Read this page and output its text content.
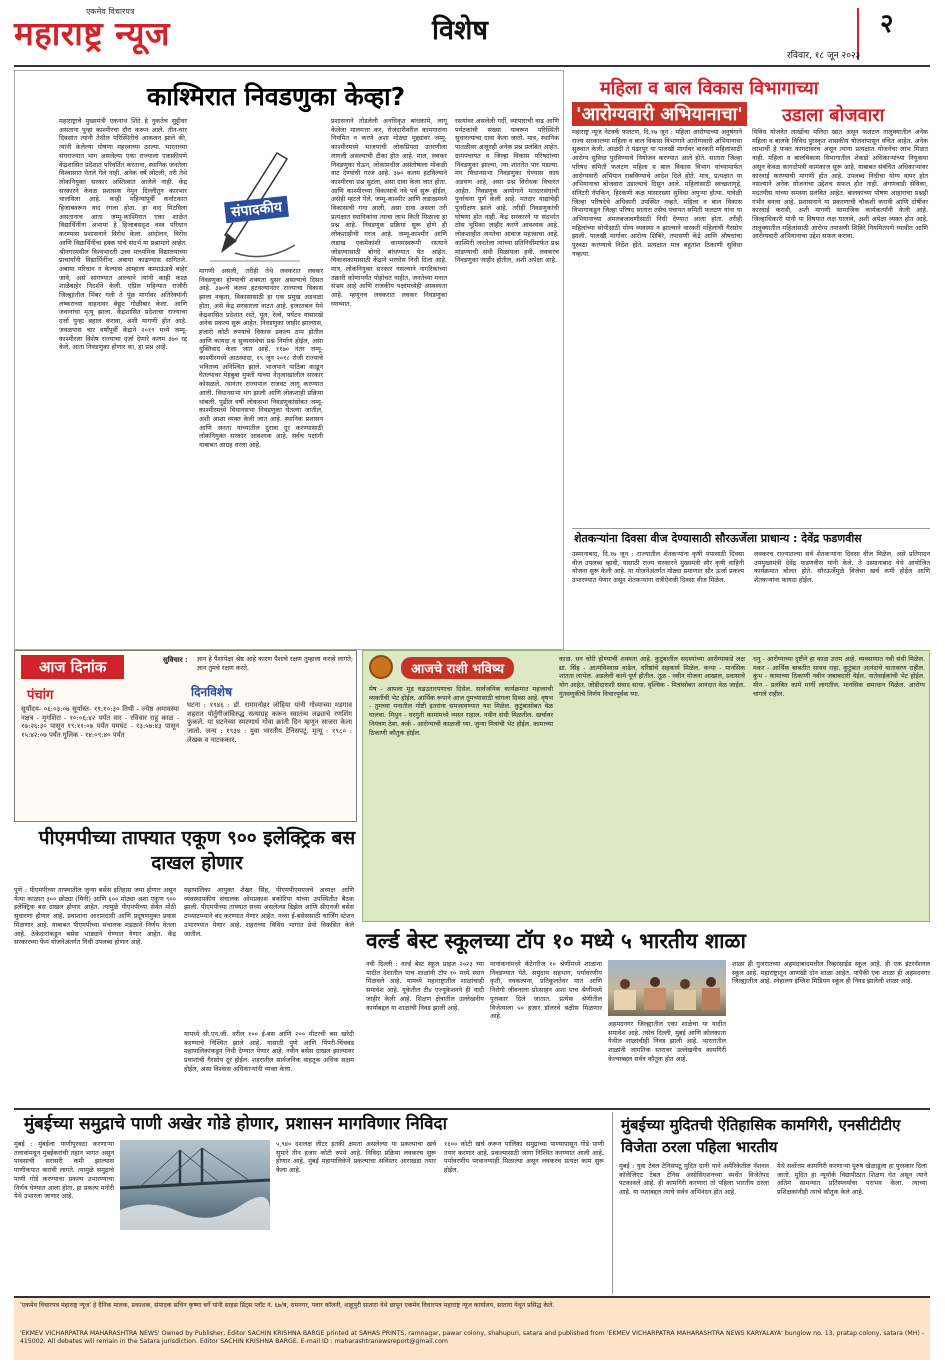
एकमेव विचारपत्र
महाराष्ट्र न्यूज	विशेष	२
रविवार, १८ जून २०२३
काश्मिरात निवडणुका केव्हा?
संपादकीय
महाराष्ट्राचे मुख्यमंत्री एकनाथ शिंदे हे नुकतेच सुट्टीवर असताना पुन्हा काश्मीरचा दौरा करून आले. तीन-चार दिवसांत त्यांनी तेथील परिस्थितीचे आकलन झाले की, त्यांनी केलेल्या घोषणा महत्त्वाच्या ठरल्या. भारताच्या संघराज्यात भाग असलेल्या एका राज्याला एकाकीपणे केंद्रशासित प्रदेशात परिवर्तित करताना, स्थानिक जनतेला विश्वासात घेतले गेले नाही. अनेक वर्षे लोटली, तरी तेथे लोकनियुक्त सरकार अस्तित्वात आलेले नाही. केंद्र सरकारने केवळ प्रशासक नेमून दिल्लीतून कारभार चालविला आहे. काही महिन्यांपूर्वी कर्नाटकात हिजाबवरून वाद रंगला होता. हा वाद मिटविला असतानाच आता जम्मू-काश्मिरात एका शाळेत विद्यार्थिनींना अभाया हे हिजाबसदृश वस्त्र परिधान करण्यास प्रशासनाने विरोध केला. आंदोलन, विरोध आणि विद्यार्थिनींचा हक्क यांचे संदर्भ या प्रश्नामागे आहेत. श्रीनगरमधील विश्वभारती उच्च माध्यमिक विद्यालयाच्या प्राचार्यांनी विद्यार्थिनींना अबाया काढण्यास सांगितले. अबाया परिधान न केल्यास आम्हाला कम्पाऊंडचे बाहेर जावे, असे सांगण्यात आल्याने त्यांनी काही काळ शाळेबाहेर निदर्शने केली. एप्रिल महिन्यात राजौरी जिल्ह्यातील भिंबर गली ते पूंछ मार्गावर अतिरेक्यांनी लष्कराच्या वाहनावर बेछूट गोळीबार केला. आणि जवानांचा मृत्यू झाला. केंद्रशासित प्रदेशाचा राज्याचा दर्जा पुन्हा बहाल करावा, अशी मागणी होत आहे. जवळपास चार वर्षांपूर्वी केंद्राने २०१९ मध्ये जम्मू-काश्मीरला विशेष राज्याचा दर्जा देणारे कलम ३७० रद्द केले. आता निवडणुका होणार का, हा प्रश्न आहे.
मागणी असली, तरीही तेथे लवकरात लवकर निवडणुका होण्याची शक्यता धुसर असल्याचे दिसत आहे. ३७०चे कलम हटवल्यानंतर राज्याचा विकास झाला नव्हता, विकासासाठी हा एक प्रमुख अडथळा होता, असे केंद्र सरकारला वाटत आहे. हजरतबल येथे केंद्रशासित प्रदेशात रस्ते, पूल, रेल्वे, पर्यटन यांसारखे अनेक प्रकल्प सुरू आहेत. निवडणुका जाहीर झाल्यास, हजारो कोटी रुपयांचे विकास प्रकल्प ठप्प होतील आणि कायदा व सुव्यवस्थेचा प्रश्न निर्माण होईल, असा युक्तिवाद केला जात आहे. ११७० नंतर जम्मू-काश्मीरमध्ये आठव्यांदा, १९ जून २०१८ रोजी राज्याचे भवितव्य अनिश्चित झाले. भाजपाने पाठिंबा काढून घेतल्यावर मेहबुबा मुफ्ती यांच्या नेतृत्वाखालील सरकार कोसळले. त्यानंतर राज्यपाल राजवट लागू करण्यात आली. विधानसभा भंग झाली आणि लोकशाही प्रक्रिया थांबली. पुढील वर्षी लोकसभा निवडणुकांसोबत जम्मू-काश्मीरमध्ये विधानसभा निवडणुका घेतल्या जातील, अशी आशा व्यक्त केली जात आहे. स्थानिक प्रशासन आणि जनता यांच्यातील दुरावा दूर करण्यासाठी लोकनियुक्त सरकार आवश्यक आहे. सर्वच पक्षांनी याबाबत आग्रह धरला आहे.
प्रशासनाने तोडलेली अनधिकृत बांधकामे, लागू केलेला मालमत्ता कर, रोजंदारीवरील कामगारांना नियमित न करणे अशा मोठ्या मुद्द्यांवर जम्मू-काश्मीरमध्ये भाजपाची लोकप्रियता उतरणीला लागली असल्याची टीका होत आहे. माल, लवकर निवडणुका घेऊन, लोकांमधील असंतोषाला मोकळी वाट देण्याची गरज आहे. ३७० कलम हटविल्याने काश्मीरचा प्रश्न सुटला, असा दावा केला जात होता. आणि काश्मीरच्या विकासाचे नवे पर्व सुरू होईल, असेही म्हटले गेले. जम्मू-काश्मीर आणि लडाखमध्ये विकासाची गंगा आली, असा दावा असला तरी प्रत्यक्षात स्थानिकांना त्याचा लाभ किती मिळाला हा प्रश्न आहे. निवडणूक प्रक्रिया सुरू होणे ही लोकशाहीची गरज आहे. जम्मू-काश्मीर आणि लडाख एकमेकांशी कायमस्वरूपी रस्त्याने जोडण्यासाठी बोगदे बांधण्यात येत आहेत. विकासकामांसाठी केंद्राने भरघोस निधी दिला आहे. मात्र, लोकनियुक्त सरकार नसल्याने नागरिकांच्या तक्रारी कोणापर्यंत पोहोचत नाहीत. जनतेच्या मनात संभ्रम आहे आणि राजकीय पक्षांमध्येही अस्वस्थता आहे. म्हणूनच लवकरात लवकर निवडणुका घ्याव्यात.
रस्त्यांवर असलेली गर्दी, व्यापाराची वाढ आणि पर्यटकांची संख्या यावरून परिस्थिती सुधारल्याचा दावा केला जातो. मात्र, स्थानिक पातळीवर अजूनही अनेक प्रश्न प्रलंबित आहेत. ग्रामपंचायत व जिल्हा विकास परिषदांच्या निवडणुका झाल्या, त्या शांततेत पार पडल्या. मग विधानसभा निवडणुका घेण्यास काय अडचण आहे, असा प्रश्न विरोधक विचारत आहेत. निवडणूक आयोगाने मतदारसंघांची पुनर्रचना पूर्ण केली आहे. मतदार याद्यांचेही पुनरीक्षण झाले आहे. तरीही निवडणुकांची घोषणा होत नाही. केंद्र सरकारने या संदर्भात ठोस भूमिका जाहीर करणे आवश्यक आहे. लोकशाहीत जनतेचा आवाज महत्त्वाचा आहे. काश्मिरी जनतेला त्यांच्या प्रतिनिधींमार्फत प्रश्न मांडण्याची संधी मिळायला हवी. लवकरच निवडणुका जाहीर होतील, अशी अपेक्षा आहे.
महिला व बाल विकास विभागाच्या
'आरोग्यवारी अभियानाचा' उडाला बोजवारा
महाराष्ट्र न्यूज नेटवर्क फलटण, दि.१७ जून : महिला आरोग्याच्या अनुषंगाने राज्य सरकारच्या महिला व बाल विकास विभागाने आरोग्यवारी अभियानाचा सुरुवात केली. आळंदी ते पंढरपूर या पालखी मार्गावर वारकरी महिलांसाठी आरोग्य सुविधा पुरविण्याचे नियोजन करण्यात आले होते. सातारा जिल्हा परिषद समिती फलटण महिला व बाल विकास विभाग यांच्यामार्फत आरोग्यवारी अभियान राबविण्याचे आदेश दिले होते. मात्र, प्रत्यक्षात या अभियानाचा बोजवारा उडाल्याचे दिसून आले. महिलांसाठी स्वच्छतागृहे, सॅनिटरी नॅपकिन, हिरकणी कक्ष यांसारख्या सुविधा अपुऱ्या होत्या. यावेळी जिल्हा परिषदेचे अधिकारी उपस्थित नव्हते. महिला व बाल विकास विभागाकडून जिल्हा परिषद सातारा तसेच पंचायत समिती फलटण यांना या अभियानाच्या अंमलबजावणीसाठी निधी देण्यात आला होता. तरीही महिलांच्या सोयीसाठी योग्य व्यवस्था न झाल्याने वारकरी महिलांची गैरसोय झाली. पालखी मार्गावर आरोग्य शिबिरे, तपासणी केंद्रे आणि औषधांचा पुरवठा करण्याचे निर्देश होते. प्रत्यक्षात मात्र बहुतांश ठिकाणी सुविधा नव्हत्या.
विविध योजनेत लाखोंचा मलिदा खात असून फलटण तालुक्यातील अनेक महिला व बालके विविध पुरस्कृत शासकीय योजनांपासून वंचित आहेत. अनेक लाभार्थी हे फक्त कागदावरच असून त्यांना प्रत्यक्षात योजनेचा लाभ मिळत नाही. महिला व बालविकास विभागातील शेकडो अधिकाऱ्यांच्या नियुक्त्या असून केवळ कागदोपत्री कामकाज सुरू आहे. याबाबत संबंधित अधिकाऱ्यांवर कारवाई करण्याची मागणी होत आहे. उपलब्ध निधीचा योग्य वापर होत नसल्याने अनेक योजनांचा उद्देशच सफल होत नाही. अंगणवाडी सेविका, मदतनीस यांच्या समस्या प्रलंबित आहेत. बालकांच्या पोषण आहाराचा प्रश्नही गंभीर बनला आहे. प्रशासनाने या प्रकरणाची चौकशी करावी आणि दोषींवर कारवाई करावी, अशी मागणी सामाजिक कार्यकर्त्यांनी केली आहे. जिल्हाधिकारी यांनी या विषयात लक्ष घालावे, अशी अपेक्षा व्यक्त होत आहे. तालुक्यातील महिलांसाठी आरोग्य तपासणी शिबिरे नियमितपणे घ्यावीत आणि आरोग्यवारी अभियानाचा उद्देश सफल करावा.
शेतकऱ्यांना दिवसा वीज देण्यासाठी सौरऊर्जेला प्राधान्य : देवेंद्र फडणवीस
उस्मानाबाद, दि.१७ जून : राज्यातील शेतकऱ्यांना कृषी पंपासाठी दिवसा वीज उपलब्ध व्हावी, यासाठी राज्य सरकारने मुख्यमंत्री सौर कृषी वाहिनी योजना सुरू केली आहे. या योजनेअंतर्गत मोठ्या प्रमाणात सौर ऊर्जा प्रकल्प उभारण्यात येणार असून शेतकऱ्यांना रात्रीऐवजी दिवसा वीज मिळेल.
लवकरच राज्यातल्या सर्व शेतकऱ्यांना दिवसा वीज मिळेल, असे प्रतिपादन उपमुख्यमंत्री देवेंद्र फडणवीस यांनी केले. ते उस्मानाबाद येथे आयोजित कार्यक्रमात बोलत होते. सौरऊर्जेमुळे विजेचा खर्च कमी होईल आणि शेतकऱ्यांना फायदा होईल.
आज दिनांक	सुविचार : ज्ञान हे पैशापेक्षा श्रेष्ठ आहे कारण पैशाचे रक्षण तुम्हाला करावे लागते; ज्ञान तुमचे रक्षण करते.
पंचांग
सूर्योदय- ०६:०३:०७ सूर्यास्त- १९:१०:३० तिथी - ज्येष्ठ अमावस्या नक्षत्र - मृगशिरा - १०:०६:४२ पर्यंत वार - रविवार राहू काळ - १७:२६:३० पासून १९:११:०७ पर्यंत यमघंट - १३:५७:४३ पासून १५:४२:०७ पर्यंत गुलिक - १४:०९:४० पर्यंत
दिनविशेष
घटना : १९४६ : डॉ. राममनोहर लोहिया यांनी गोव्याच्या मडगाव शहरात पोर्तुगीजांविरुद्ध सत्याग्रह करून स्वातंत्र्य लढ्याचे रणशिंग फुंकले. या घटनेच्या स्मरणार्थ गोवा क्रांती दिन म्हणून साजरा केला जातो. जन्म : १९३४ : युवा भारतीय टेनिसपटू. मृत्यू : १९८० : लेखक व नाटककार.
आजचे राशी भविष्य
मेष - आपला मूड चढउतारपणाचा दिसेल. सार्वजनिक कार्यक्रमात महत्त्वाची व्यक्तींची भेट होईल. आर्थिक रूपाने आज तुमच्यासाठी चांगला दिवस आहे. वृषभ - तुमच्या मनातील गोष्टी इतरांना समजावण्यात यश मिळेल. कुटुंबासोबत वेळ घालवा. मिथुन - घरगुती कामांमध्ये व्यस्त राहाल. नवीन संधी मिळतील. खर्चावर नियंत्रण ठेवा. कर्क - आरोग्याची काळजी घ्या. जुन्या मित्रांची भेट होईल. कामाच्या ठिकाणी कौतुक होईल.
काळ. धन चोरी होण्याची शक्यता आहे. कुटुंबातील सदस्यांच्या आरोग्याकडे लक्ष द्या. सिंह - आत्मविश्वास वाढेल, वरिष्ठांचे सहकार्य मिळेल. कन्या - मानसिक शांतता लाभेल. अडलेली कामे पूर्ण होतील. तूळ - नवीन योजना आखाल, प्रवासाचे योग आहेत. जोडीदाराशी संवाद साधा. वृश्चिक - मित्रांसोबत आनंदात वेळ जाईल. गुंतवणुकीचे निर्णय विचारपूर्वक घ्या.
धनु - आरोग्याच्या दृष्टीने हा काळ उत्तम आहे. व्यवसायात नवी संधी मिळेल. मकर - आर्थिक बाबतीत सावध राहा. कुटुंबात आनंदाचे वातावरण राहील. कुंभ - कामाच्या ठिकाणी नवीन जबाबदारी येईल. नातेवाईकांची भेट होईल. मीन - प्रलंबित कामे मार्गी लागतील. मानसिक समाधान मिळेल. आरोग्य चांगले राहील.
पीएमपीच्या ताफ्यात एकूण ९०० इलेक्ट्रिक बस दाखल होणार
पुणे : पीएमपीच्या ताफ्यातील जुन्या बसेस इतिहास जमा होणार असून येत्या काळात ३०० छोट्या (मिनी) आणि ६०० मोठ्या अशा एकूण ९०० इलेक्ट्रिक बस दाखल होणार आहेत. त्यामुळे पीएमपीच्या सेवेत मोठी सुधारणा होणार आहे. प्रवाशांना आरामदायी आणि प्रदूषणमुक्त प्रवास मिळणार आहे. याबाबत पीएमपीच्या संचालक मंडळाने निर्णय घेतला आहे. ठेकेदारांकडून बसेस भाड्याने घेण्यात येणार आहेत. केंद्र सरकारच्या फेम योजनेअंतर्गत निधी उपलब्ध होणार आहे.
महापालिका आयुक्त शेखर सिंह, पीएमपीएमएलचे अध्यक्ष आणि व्यवस्थापकीय संचालक ओमप्रकाश बकोरिया यांच्या उपस्थितीत बैठक झाली. पीएमपीच्या ताफ्यात सध्या असलेल्या डिझेल आणि सीएनजी बसेस टप्प्याटप्प्याने बंद करण्यात येणार आहेत. नव्या ई-बसेससाठी चार्जिंग स्टेशन उभारण्यात येणार आहे. शहराच्या विविध भागांत डेपो विकसित केले जातील.
यामध्ये सी.एन.जी. वरील १०० ई-बस आणि २०० मीटरची बस खरेदी करण्याचे निश्चित झाले आहे. यासाठी पुणे आणि पिंपरी-चिंचवड महापालिकांकडून निधी देण्यात येणार आहे. नवीन बसेस दाखल झाल्यावर प्रवाशांची गैरसोय दूर होईल. शहरातील सार्वजनिक वाहतूक अधिक सक्षम होईल, असा विश्वास अधिकाऱ्यांनी व्यक्त केला.
वर्ल्ड बेस्ट स्कूलच्या टॉप १० मध्ये ५ भारतीय शाळा
नवी दिल्ली : वर्ल्ड बेस्ट स्कूल प्राइज २०२३ च्या यादीत देशातील पाच शाळांनी टॉप १० मध्ये स्थान मिळवले आहे. यामध्ये महाराष्ट्रातील शाळांचाही समावेश आहे. यूकेतील टी४ एज्युकेशनने ही यादी जाहीर केली आहे. शिक्षण क्षेत्रातील उल्लेखनीय कार्याबद्दल या शाळांची निवड झाली आहे.
मानांकनांमध्ये कॅटेगरीज १० श्रेणींमध्ये शाळांना निवडण्यात येते. समुदाय सहभाग, पर्यावरणीय कृती, नवकल्पना, प्रतिकूलतेवर मात आणि निरोगी जीवनाला प्रोत्साहन अशा पाच श्रेणींमध्ये पुरस्कार दिले जातात. प्रत्येक श्रेणीतील विजेत्याला ५० हजार डॉलरचे बक्षीस मिळणार आहे.
अहमदनगर जिल्ह्यातील एका शाळेचा या यादीत समावेश आहे. तसेच दिल्ली, मुंबई आणि कोलकाता येथील शाळांचीही निवड झाली आहे. भारतातील शाळांनी जागतिक स्तरावर उल्लेखनीय कामगिरी केल्याबद्दल सर्वत्र कौतुक होत आहे.
शाळा ही गुजरातच्या अहमदाबादमधील रिव्हरसाईड स्कूल आहे. ही एक इंटरनॅशनल स्कूल आहे. महाराष्ट्रातून आणखी दोन शाळा आहेत. यांपैकी एक शाळा ही अहमदनगर जिल्ह्यातील आहे. स्नेहालय इंग्लिश मिडियम स्कूल ही निवड झालेली शाळा आहे.
मुंबईच्या समुद्राचे पाणी अखेर गोडे होणार, प्रशासन मागविणार निविदा
मुंबई : मुंबईला पाणीपुरवठा करणाऱ्या तलावांमधून मुंबईकरांची तहान भागत असून पावसाची सरासरी कमी झाल्यास पाणीकपात करावी लागते. त्यामुळे समुद्राचे पाणी गोडे करण्याचा प्रकल्प उभारण्याचा निर्णय घेण्यात आला होता. हा प्रकल्प मनोरी येथे उभारला जाणार आहे.
५,९४० दशलक्ष लीटर इतकी क्षमता असलेल्या या प्रकल्पाचा खर्च सुमारे तीन हजार कोटी रुपये आहे. निविदा प्रक्रिया लवकरच सुरू होणार आहे. मुंबई महापालिकेने प्रकल्पाचा सविस्तर आराखडा तयार केला आहे.
१६०० कोटी खर्च करून पालिका समुद्राच्या पाण्यापासून गोडे पाणी तयार करणार आहे. प्रकल्पासाठी जागा निश्चित करण्यात आली आहे. पर्यावरणीय परवानग्याही मिळाल्या असून लवकरच प्रत्यक्ष काम सुरू होईल.
मुंबईच्या मुदितची ऐतिहासिक कामगिरी, एनसीटीटीए विजेता ठरला पहिला भारतीय
मुंबई : युवा टेबल टेनिसपटू मुदित दानी याने अमेरिकेतील नॅशनल कॉलेजिएट टेबल टेनिस असोसिएशनच्या स्पर्धेत विजेतेपद पटकावले आहे. ही कामगिरी करणारा तो पहिला भारतीय ठरला आहे. या यशाबद्दल त्याचे सर्वत्र अभिनंदन होत आहे.
येथे सर्वोत्तम कामगिरी करणाऱ्या पुरुष खेळाडूला हा पुरस्कार दिला जातो. मुदित हा न्यूयॉर्क विद्यापीठात शिक्षण घेत असून त्याने अंतिम सामन्यात प्रतिस्पर्ध्याचा पराभव केला. त्याच्या प्रशिक्षकांनीही त्याचे कौतुक केले आहे.
'एकमेव विचारपत्र महाराष्ट्र न्यूज' हे दैनिक मालक, प्रकाशक, संपादक सचिन कृष्णा बर्गे यांनी साहस प्रिंट्स प्लॉट नं. ६७/ब, रामनगर, पवार कॉलनी, शाहूपुरी सातारा येथे छापून एकमेव विचारपत्र महाराष्ट्र न्यूज कार्यालय, सातारा येथून प्रसिद्ध केले.
'EKMEV VICHARPATRA MAHARASHTRA NEWS' Owned by Publisher, Editor SACHIN KRISHNA BARGE printed at SAHAS PRINTS, ramnagar, pawar colony, shahupuri, satara and published from 'EKMEV VICHARPATRA MAHARASHTRA NEWS KARYALAYA' bunglow no. 13, pratap colony, satara (MH) - 415002. All debates will remain in the Satara jurisdiction. Editor SACHIN KRISHNA BARGE. E-mail ID : maharashtranewsreport@gmail.com
